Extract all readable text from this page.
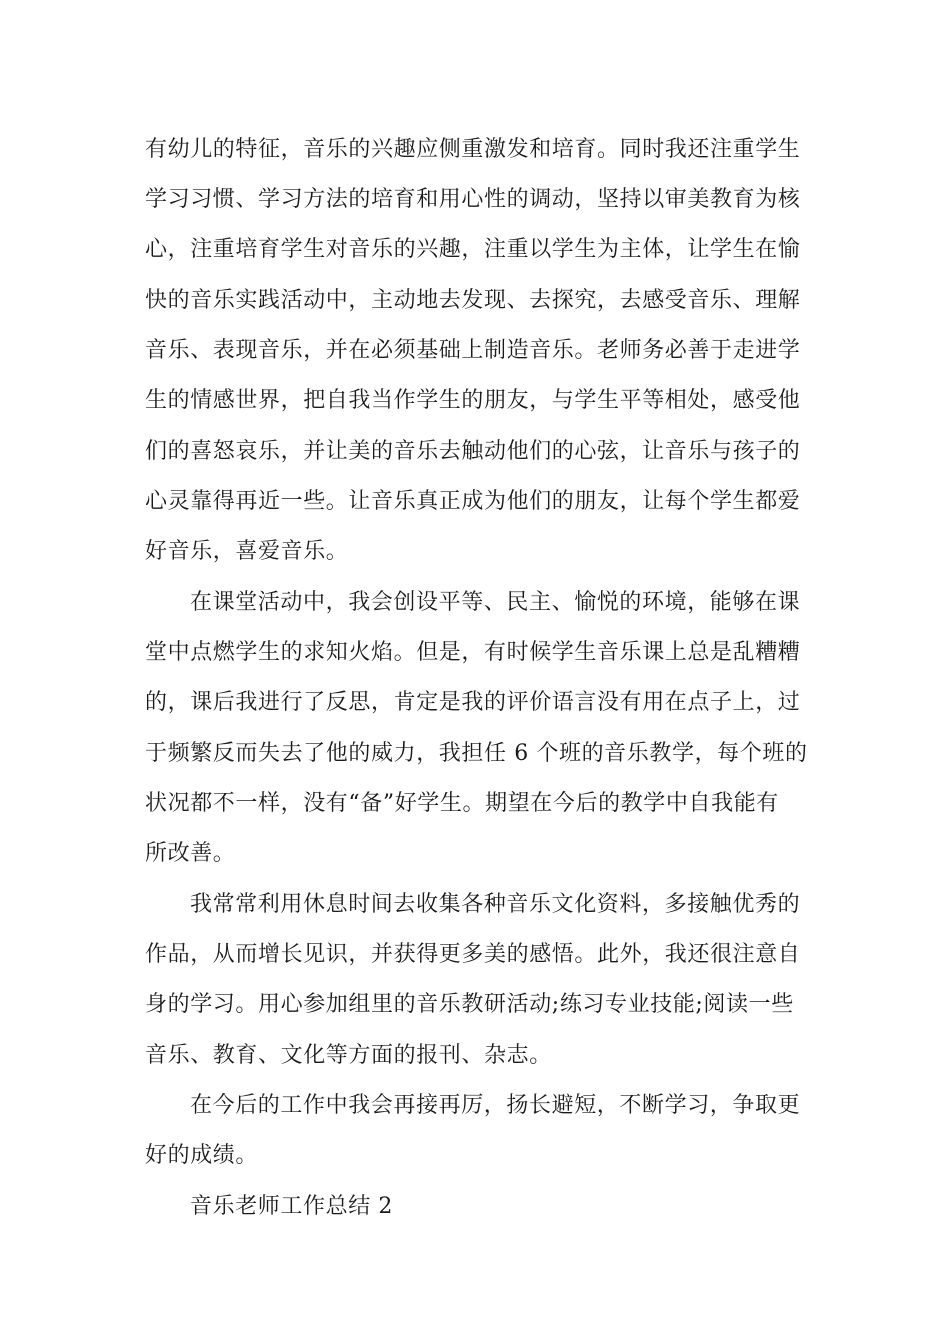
有幼儿的特征，音乐的兴趣应侧重激发和培育。同时我还注重学生
学习习惯、学习方法的培育和用心性的调动，坚持以审美教育为核
心，注重培育学生对音乐的兴趣，注重以学生为主体，让学生在愉
快的音乐实践活动中，主动地去发现、去探究，去感受音乐、理解
音乐、表现音乐，并在必须基础上制造音乐。老师务必善于走进学
生的情感世界，把自我当作学生的朋友，与学生平等相处，感受他
们的喜怒哀乐，并让美的音乐去触动他们的心弦，让音乐与孩子的
心灵靠得再近一些。让音乐真正成为他们的朋友，让每个学生都爱
好音乐，喜爱音乐。
在课堂活动中，我会创设平等、民主、愉悦的环境，能够在课
堂中点燃学生的求知火焰。但是，有时候学生音乐课上总是乱糟糟
的，课后我进行了反思，肯定是我的评价语言没有用在点子上，过
于频繁反而失去了他的威力，我担任 6 个班的音乐教学，每个班的
状况都不一样，没有“备”好学生。期望在今后的教学中自我能有
所改善。
我常常利用休息时间去收集各种音乐文化资料，多接触优秀的
作品，从而增长见识，并获得更多美的感悟。此外，我还很注意自
身的学习。用心参加组里的音乐教研活动;练习专业技能;阅读一些
音乐、教育、文化等方面的报刊、杂志。
在今后的工作中我会再接再厉，扬长避短，不断学习，争取更
好的成绩。
音乐老师工作总结 2
